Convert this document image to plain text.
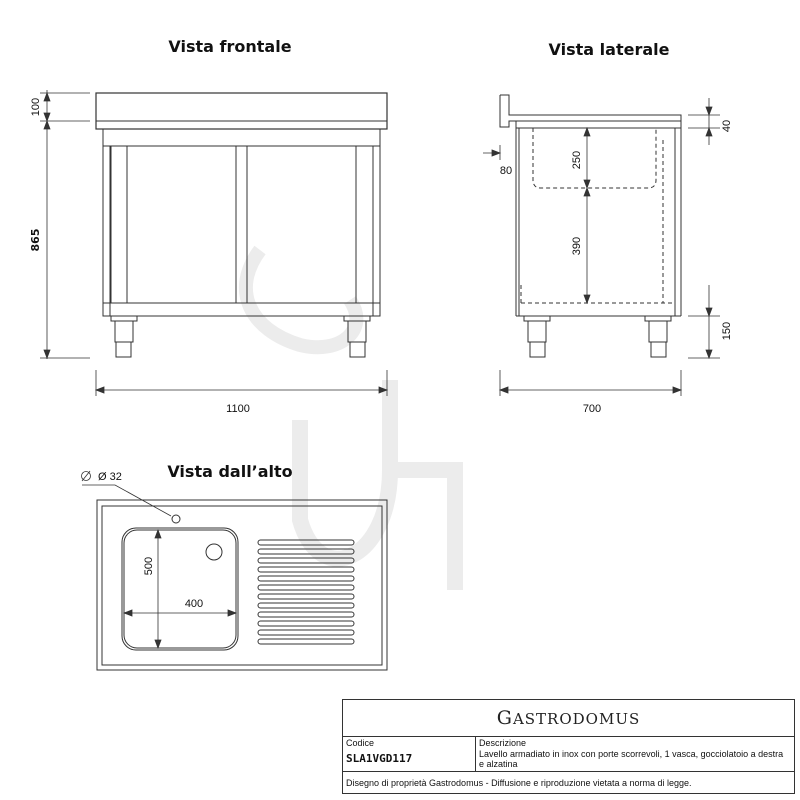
Vista frontale	Vista laterale
Vista dall’alto
100
865
1100
40
80
250
390
150
700
Ø 32
500
400
GASTRODOMUS
Codice
SLA1VGD117
Descrizione
Lavello armadiato in inox con porte scorrevoli, 1 vasca, gocciolatoio a destra e alzatina
Disegno di proprietà Gastrodomus - Diffusione e riproduzione vietata a norma di legge.
